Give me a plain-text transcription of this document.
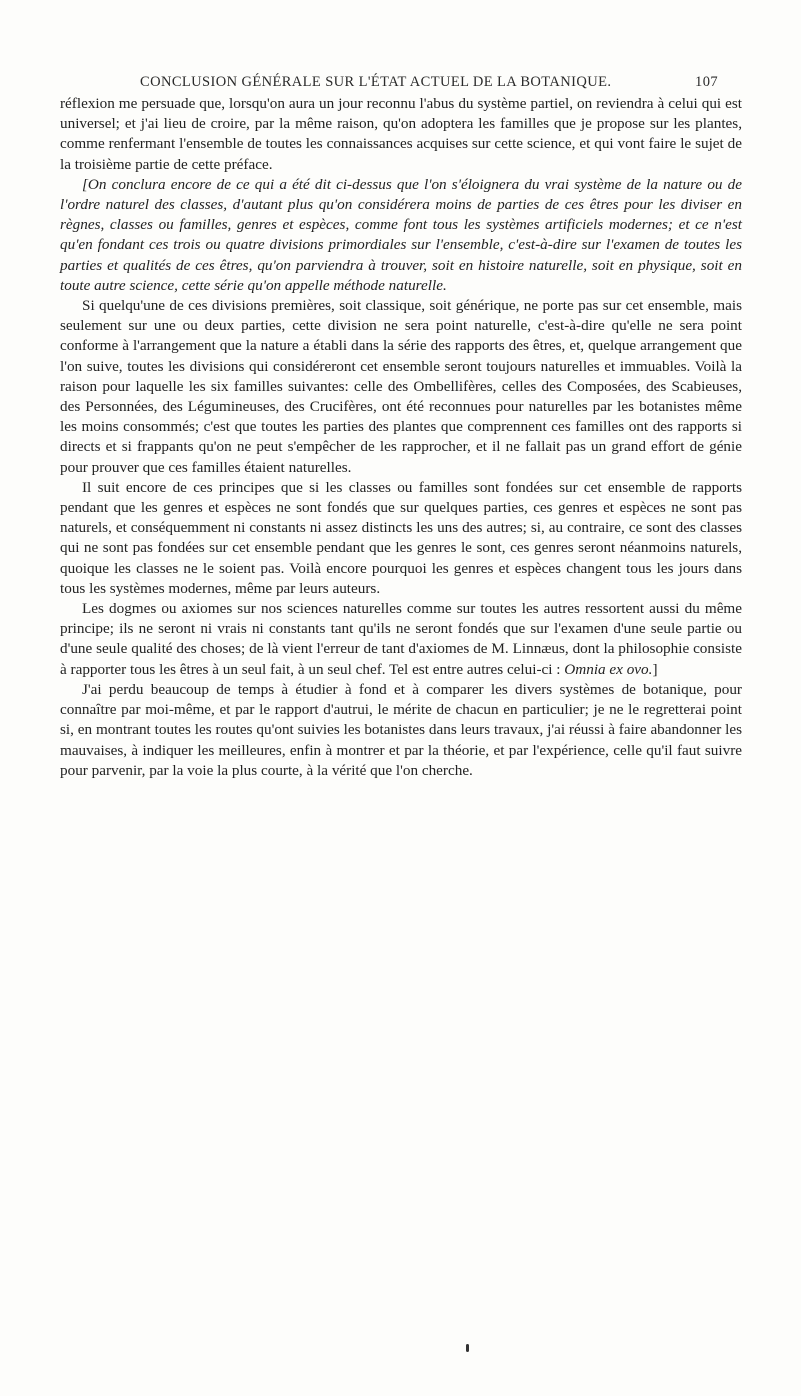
CONCLUSION GÉNÉRALE SUR L'ÉTAT ACTUEL DE LA BOTANIQUE.	107

réflexion me persuade que, lorsqu'on aura un jour reconnu l'abus du système partiel, on reviendra à celui qui est universel; et j'ai lieu de croire, par la même raison, qu'on adoptera les familles que je propose sur les plantes, comme renfermant l'ensemble de toutes les connaissances acquises sur cette science, et qui vont faire le sujet de la troisième partie de cette préface.

[On conclura encore de ce qui a été dit ci-dessus que l'on s'éloignera du vrai système de la nature ou de l'ordre naturel des classes, d'autant plus qu'on considérera moins de parties de ces êtres pour les diviser en règnes, classes ou familles, genres et espèces, comme font tous les systèmes artificiels modernes; et ce n'est qu'en fondant ces trois ou quatre divisions primordiales sur l'ensemble, c'est-à-dire sur l'examen de toutes les parties et qualités de ces êtres, qu'on parviendra à trouver, soit en histoire naturelle, soit en physique, soit en toute autre science, cette série qu'on appelle méthode naturelle.

Si quelqu'une de ces divisions premières, soit classique, soit générique, ne porte pas sur cet ensemble, mais seulement sur une ou deux parties, cette division ne sera point naturelle, c'est-à-dire qu'elle ne sera point conforme à l'arrangement que la nature a établi dans la série des rapports des êtres, et, quelque arrangement que l'on suive, toutes les divisions qui considéreront cet ensemble seront toujours naturelles et immuables. Voilà la raison pour laquelle les six familles suivantes: celle des Ombellifères, celles des Composées, des Scabieuses, des Personnées, des Légumineuses, des Crucifères, ont été reconnues pour naturelles par les botanistes même les moins consommés; c'est que toutes les parties des plantes que comprennent ces familles ont des rapports si directs et si frappants qu'on ne peut s'empêcher de les rapprocher, et il ne fallait pas un grand effort de génie pour prouver que ces familles étaient naturelles.

Il suit encore de ces principes que si les classes ou familles sont fondées sur cet ensemble de rapports pendant que les genres et espèces ne sont fondés que sur quelques parties, ces genres et espèces ne sont pas naturels, et conséquemment ni constants ni assez distincts les uns des autres; si, au contraire, ce sont des classes qui ne sont pas fondées sur cet ensemble pendant que les genres le sont, ces genres seront néanmoins naturels, quoique les classes ne le soient pas. Voilà encore pourquoi les genres et espèces changent tous les jours dans tous les systèmes modernes, même par leurs auteurs.

Les dogmes ou axiomes sur nos sciences naturelles comme sur toutes les autres ressortent aussi du même principe; ils ne seront ni vrais ni constants tant qu'ils ne seront fondés que sur l'examen d'une seule partie ou d'une seule qualité des choses; de là vient l'erreur de tant d'axiomes de M. Linnæus, dont la philosophie consiste à rapporter tous les êtres à un seul fait, à un seul chef. Tel est entre autres celui-ci : Omnia ex ovo.]

J'ai perdu beaucoup de temps à étudier à fond et à comparer les divers systèmes de botanique, pour connaître par moi-même, et par le rapport d'autrui, le mérite de chacun en particulier; je ne le regretterai point si, en montrant toutes les routes qu'ont suivies les botanistes dans leurs travaux, j'ai réussi à faire abandonner les mauvaises, à indiquer les meilleures, enfin à montrer et par la théorie, et par l'expérience, celle qu'il faut suivre pour parvenir, par la voie la plus courte, à la vérité que l'on cherche.
